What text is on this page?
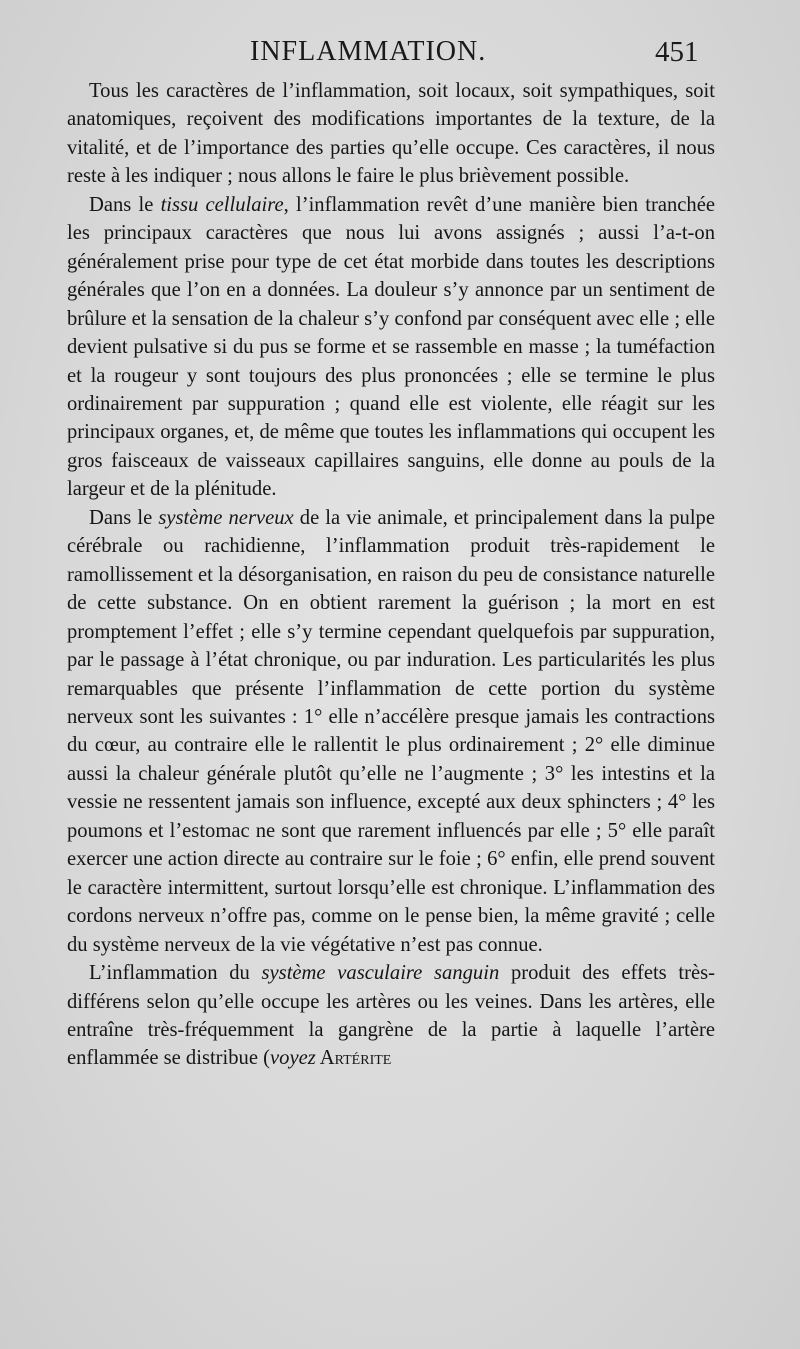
INFLAMMATION.	451

Tous les caractères de l’inflammation, soit locaux, soit sympathiques, soit anatomiques, reçoivent des modifications importantes de la texture, de la vitalité, et de l’importance des parties qu’elle occupe. Ces caractères, il nous reste à les indiquer ; nous allons le faire le plus brièvement possible.

Dans le tissu cellulaire, l’inflammation revêt d’une manière bien tranchée les principaux caractères que nous lui avons assignés ; aussi l’a-t-on généralement prise pour type de cet état morbide dans toutes les descriptions générales que l’on en a données. La douleur s’y annonce par un sentiment de brûlure et la sensation de la chaleur s’y confond par conséquent avec elle ; elle devient pulsative si du pus se forme et se rassemble en masse ; la tuméfaction et la rougeur y sont toujours des plus prononcées ; elle se termine le plus ordinairement par suppuration ; quand elle est violente, elle réagit sur les principaux organes, et, de même que toutes les inflammations qui occupent les gros faisceaux de vaisseaux capillaires sanguins, elle donne au pouls de la largeur et de la plénitude.

Dans le système nerveux de la vie animale, et principalement dans la pulpe cérébrale ou rachidienne, l’inflammation produit très-rapidement le ramollissement et la désorganisation, en raison du peu de consistance naturelle de cette substance. On en obtient rarement la guérison ; la mort en est promptement l’effet ; elle s’y termine cependant quelquefois par suppuration, par le passage à l’état chronique, ou par induration. Les particularités les plus remarquables que présente l’inflammation de cette portion du système nerveux sont les suivantes : 1° elle n’accélère presque jamais les contractions du cœur, au contraire elle le rallentit le plus ordinairement ; 2° elle diminue aussi la chaleur générale plutôt qu’elle ne l’augmente ; 3° les intestins et la vessie ne ressentent jamais son influence, excepté aux deux sphincters ; 4° les poumons et l’estomac ne sont que rarement influencés par elle ; 5° elle paraît exercer une action directe au contraire sur le foie ; 6° enfin, elle prend souvent le caractère intermittent, surtout lorsqu’elle est chronique. L’inflammation des cordons nerveux n’offre pas, comme on le pense bien, la même gravité ; celle du système nerveux de la vie végétative n’est pas connue.

L’inflammation du système vasculaire sanguin produit des effets très-différens selon qu’elle occupe les artères ou les veines. Dans les artères, elle entraîne très-fréquemment la gangrène de la partie à laquelle l’artère enflammée se distribue (voyez Artérite
